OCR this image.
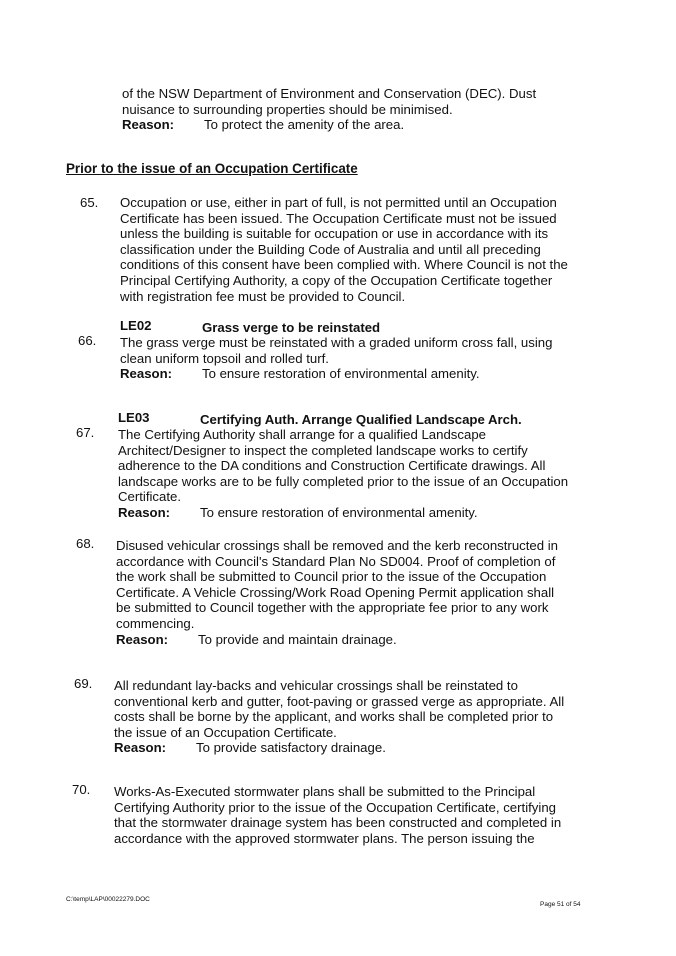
of the NSW Department of Environment and Conservation (DEC). Dust
nuisance to surrounding properties should be minimised.
Reason: To protect the amenity of the area.
Prior to the issue of an Occupation Certificate
65. Occupation or use, either in part of full, is not permitted until an Occupation
Certificate has been issued. The Occupation Certificate must not be issued
unless the building is suitable for occupation or use in accordance with its
classification under the Building Code of Australia and until all preceding
conditions of this consent have been complied with. Where Council is not the
Principal Certifying Authority, a copy of the Occupation Certificate together
with registration fee must be provided to Council.
LE02	Grass verge to be reinstated
66. The grass verge must be reinstated with a graded uniform cross fall, using
clean uniform topsoil and rolled turf.
Reason: To ensure restoration of environmental amenity.
LE03	Certifying Auth. Arrange Qualified Landscape Arch.
67. The Certifying Authority shall arrange for a qualified Landscape
Architect/Designer to inspect the completed landscape works to certify
adherence to the DA conditions and Construction Certificate drawings. All
landscape works are to be fully completed prior to the issue of an Occupation
Certificate.
Reason: To ensure restoration of environmental amenity.
68. Disused vehicular crossings shall be removed and the kerb reconstructed in
accordance with Council's Standard Plan No SD004. Proof of completion of
the work shall be submitted to Council prior to the issue of the Occupation
Certificate. A Vehicle Crossing/Work Road Opening Permit application shall
be submitted to Council together with the appropriate fee prior to any work
commencing.
Reason: To provide and maintain drainage.
69. All redundant lay-backs and vehicular crossings shall be reinstated to
conventional kerb and gutter, foot-paving or grassed verge as appropriate. All
costs shall be borne by the applicant, and works shall be completed prior to
the issue of an Occupation Certificate.
Reason: To provide satisfactory drainage.
70. Works-As-Executed stormwater plans shall be submitted to the Principal
Certifying Authority prior to the issue of the Occupation Certificate, certifying
that the stormwater drainage system has been constructed and completed in
accordance with the approved stormwater plans. The person issuing the
C:\temp\LAP\00022279.DOC
Page 51 of 54
